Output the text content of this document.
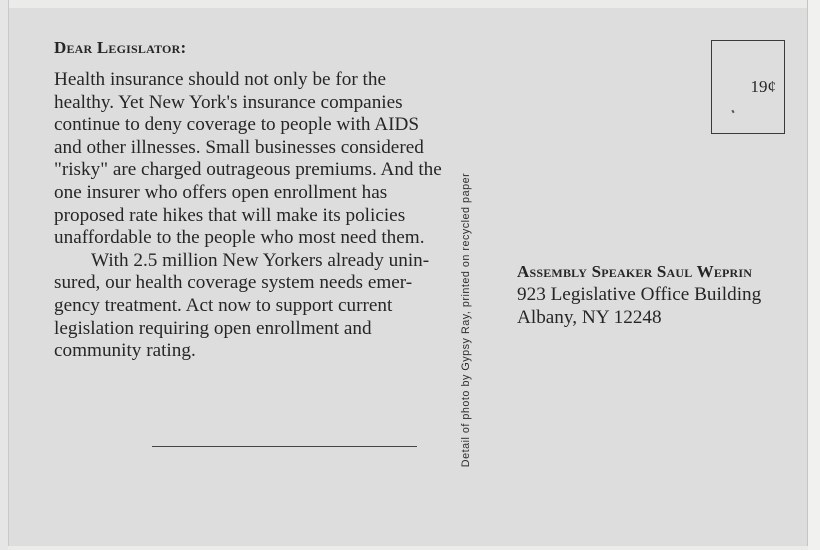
Dear Legislator:

Health insurance should not only be for the healthy. Yet New York's insurance companies continue to deny coverage to people with AIDS and other illnesses. Small businesses considered "risky" are charged outrageous premiums. And the one insurer who offers open enrollment has proposed rate hikes that will make its policies unaffordable to the people who most need them.

With 2.5 million New Yorkers already unin- sured, our health coverage system needs emer- gency treatment. Act now to support current legislation requiring open enrollment and community rating.	Detail of photo by Gypsy Ray, printed on recycled paper
19¢
Assembly Speaker Saul Weprin
923 Legislative Office Building
Albany, NY 12248
